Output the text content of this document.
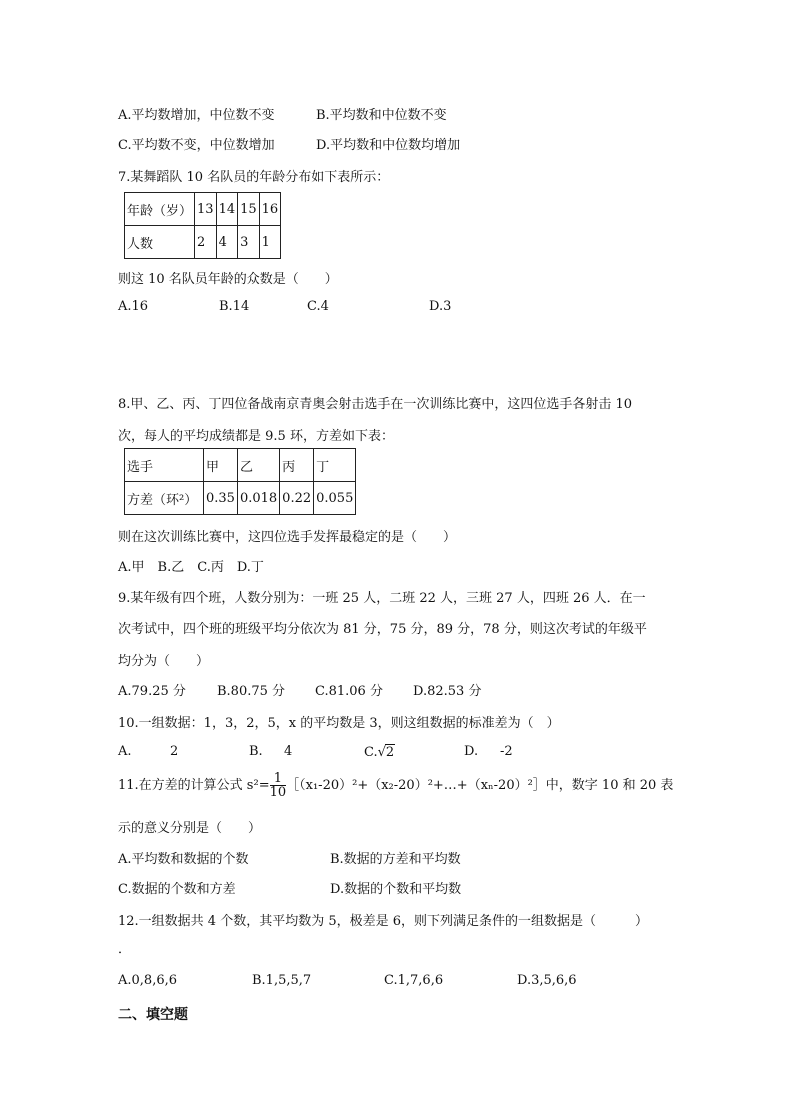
A.平均数增加，中位数不变	B.平均数和中位数不变
C.平均数不变，中位数增加	D.平均数和中位数均增加
7.某舞蹈队 10 名队员的年龄分布如下表所示：
年龄（岁）	13	14	15	16
人数	2	4	3	1
则这 10 名队员年龄的众数是（　　）
A.16	B.14	C.4	D.3
8.甲、乙、丙、丁四位备战南京青奥会射击选手在一次训练比赛中，这四位选手各射击 10
次，每人的平均成绩都是 9.5 环，方差如下表：
选手	甲	乙	丙	丁
方差（环²）	0.35	0.018	0.22	0.055
则在这次训练比赛中，这四位选手发挥最稳定的是（　　）
A.甲　B.乙　C.丙　D.丁
9.某年级有四个班，人数分别为：一班 25 人，二班 22 人，三班 27 人，四班 26 人．在一
次考试中，四个班的班级平均分依次为 81 分，75 分，89 分，78 分，则这次考试的年级平
均分为（　　）
A.79.25 分 B.80.75 分 C.81.06 分 D.82.53 分
10.一组数据：1，3，2，5，x 的平均数是 3，则这组数据的标准差为（　）
A.	2	B. 4	C.√2	D. -2
11.在方差的计算公式 $s^2= \frac{1}{10}$ ［（x₁-20）²+（x₂-20）²+…+（xₙ-20）²］中，数字 10 和 20 表
示的意义分别是（　　）
A.平均数和数据的个数	B.数据的方差和平均数
C.数据的个数和方差	D.数据的个数和平均数
12.一组数据共 4 个数，其平均数为 5，极差是 6，则下列满足条件的一组数据是（　　　）
．
A.0,8,6,6	B.1,5,5,7	C.1,7,6,6	D.3,5,6,6
二、填空题
